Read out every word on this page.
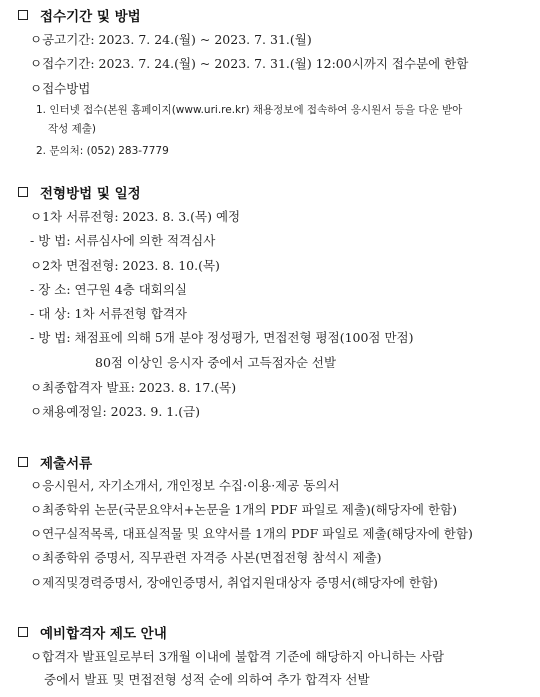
접수기간 및 방법
ㅇ공고기간: 2023. 7. 24.(월) ~ 2023. 7. 31.(월)
ㅇ접수기간: 2023. 7. 24.(월) ~ 2023. 7. 31.(월) 12:00시까지 접수분에 한함
ㅇ접수방법
1. 인터넷 접수(본원 홈페이지(www.uri.re.kr) 채용정보에 접속하여 응시원서 등을 다운 받아
작성 제출)
2. 문의처: (052) 283-7779
전형방법 및 일정
ㅇ1차 서류전형: 2023. 8. 3.(목) 예정
- 방 법: 서류심사에 의한 적격심사
ㅇ2차 면접전형: 2023. 8. 10.(목)
- 장 소: 연구원 4층 대회의실
- 대 상: 1차 서류전형 합격자
- 방 법: 채점표에 의해 5개 분야 정성평가, 면접전형 평점(100점 만점)
80점 이상인 응시자 중에서 고득점자순 선발
ㅇ최종합격자 발표: 2023. 8. 17.(목)
ㅇ채용예정일: 2023. 9. 1.(금)
제출서류
ㅇ응시원서, 자기소개서, 개인정보 수집·이용·제공 동의서
ㅇ최종학위 논문(국문요약서+논문을 1개의 PDF 파일로 제출)(해당자에 한함)
ㅇ연구실적목록, 대표실적물 및 요약서를 1개의 PDF 파일로 제출(해당자에 한함)
ㅇ최종학위 증명서, 직무관련 자격증 사본(면접전형 참석시 제출)
ㅇ제직및경력증명서, 장애인증명서, 취업지원대상자 증명서(해당자에 한함)
예비합격자 제도 안내
ㅇ합격자 발표일로부터 3개월 이내에 불합격 기준에 해당하지 아니하는 사람
중에서 발표 및 면접전형 성적 순에 의하여 추가 합격자 선발
